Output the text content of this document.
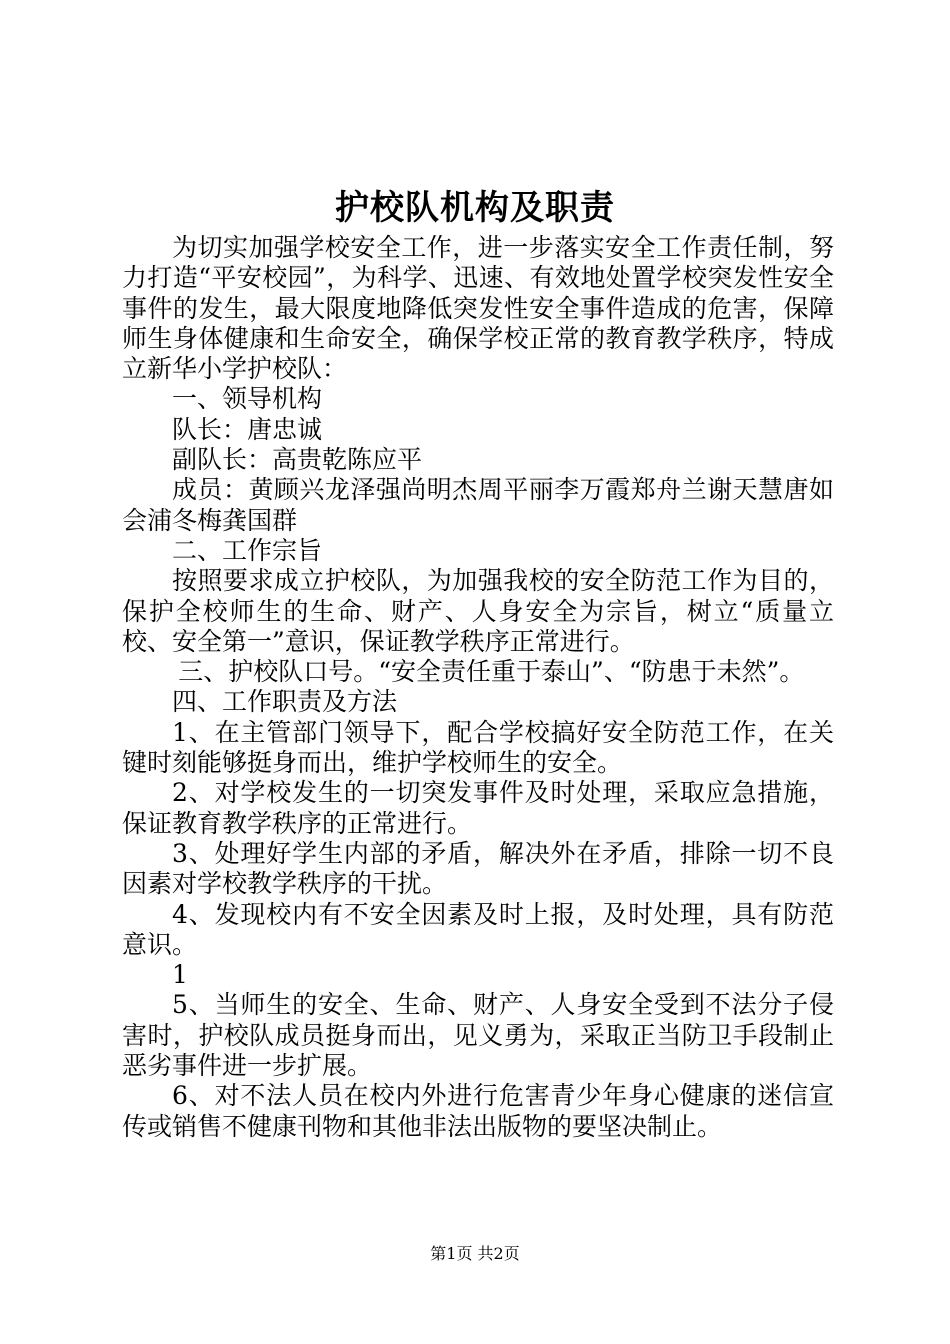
护校队机构及职责

为切实加强学校安全工作，进一步落实安全工作责任制，努力打造“平安校园”，为科学、迅速、有效地处置学校突发性安全事件的发生，最大限度地降低突发性安全事件造成的危害，保障师生身体健康和生命安全，确保学校正常的教育教学秩序，特成立新华小学护校队：

一、领导机构

队长：唐忠诚

副队长：高贵乾陈应平

成员：黄顾兴龙泽强尚明杰周平丽李万霞郑舟兰谢天慧唐如会浦冬梅龚国群

二、工作宗旨

按照要求成立护校队，为加强我校的安全防范工作为目的，保护全校师生的生命、财产、人身安全为宗旨，树立“质量立校、安全第一”意识，保证教学秩序正常进行。

三、护校队口号。“安全责任重于泰山”、“防患于未然”。

四、工作职责及方法

1、在主管部门领导下，配合学校搞好安全防范工作，在关键时刻能够挺身而出，维护学校师生的安全。

2、对学校发生的一切突发事件及时处理，采取应急措施，保证教育教学秩序的正常进行。

3、处理好学生内部的矛盾，解决外在矛盾，排除一切不良因素对学校教学秩序的干扰。

4、发现校内有不安全因素及时上报，及时处理，具有防范意识。

1

5、当师生的安全、生命、财产、人身安全受到不法分子侵害时，护校队成员挺身而出，见义勇为，采取正当防卫手段制止恶劣事件进一步扩展。

6、对不法人员在校内外进行危害青少年身心健康的迷信宣传或销售不健康刊物和其他非法出版物的要坚决制止。

第1页 共2页
